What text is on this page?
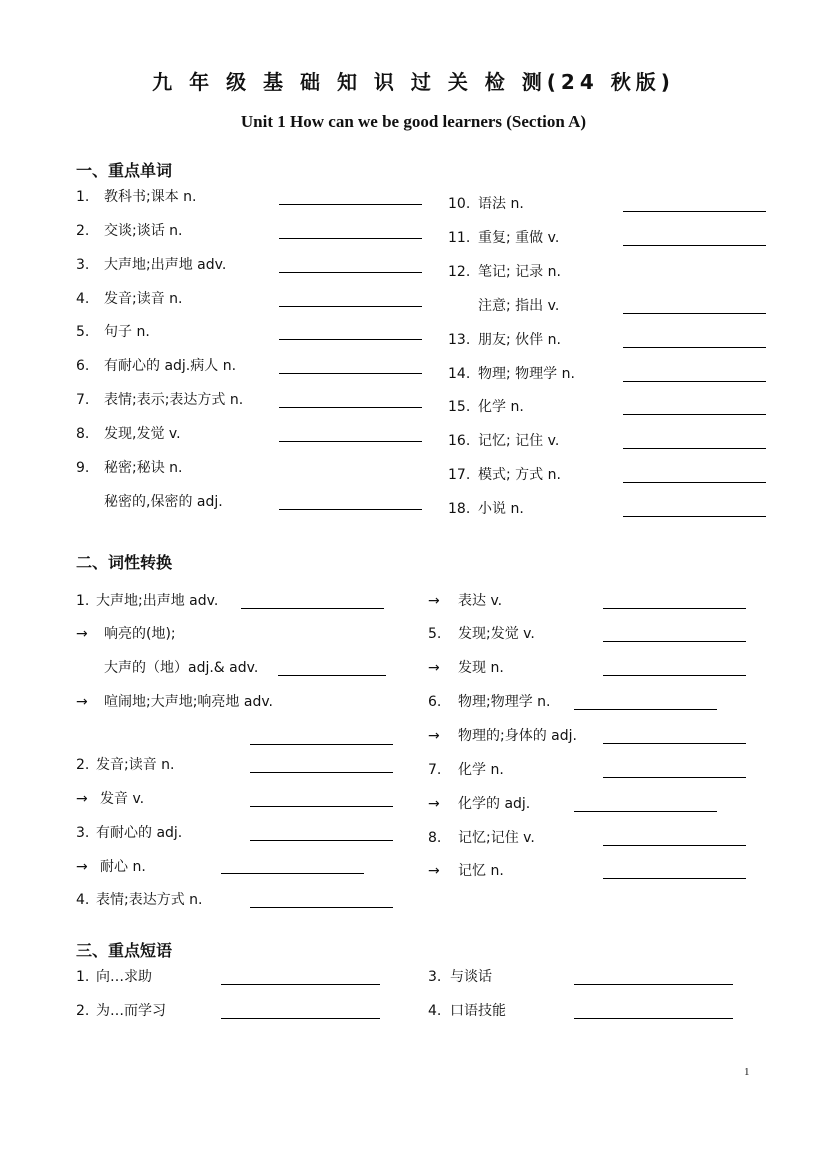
九 年 级 基 础 知 识 过 关 检 测(24 秋版)
Unit 1 How can we be good learners (Section A)
一、重点单词
1. 教科书;课本 n.
2. 交谈;谈话 n.
3. 大声地;出声地 adv.
4. 发音;读音 n.
5. 句子 n.
6. 有耐心的 adj.病人 n.
7. 表情;表示;表达方式 n.
8. 发现,发觉 v.
9. 秘密;秘诀 n.
秘密的,保密的 adj.
10. 语法 n.
11. 重复; 重做 v.
12. 笔记; 记录 n.
注意; 指出 v.
13. 朋友; 伙伴 n.
14. 物理; 物理学 n.
15. 化学 n.
16. 记忆; 记住 v.
17. 模式; 方式 n.
18. 小说 n.
二、词性转换
1. 大声地;出声地 adv.
→ 响亮的(地);
大声的（地）adj.& adv.
→ 喧闹地;大声地;响亮地 adv.
2. 发音;读音 n.
→ 发音 v.
3. 有耐心的 adj.
→ 耐心 n.
4. 表情;表达方式 n.
→ 表达 v.
5. 发现;发觉 v.
→ 发现 n.
6. 物理;物理学 n.
→ 物理的;身体的 adj.
7. 化学 n.
→ 化学的 adj.
8. 记忆;记住 v.
→ 记忆 n.
三、重点短语
1. 向…求助
2. 为…而学习
3. 与谈话
4. 口语技能
1
